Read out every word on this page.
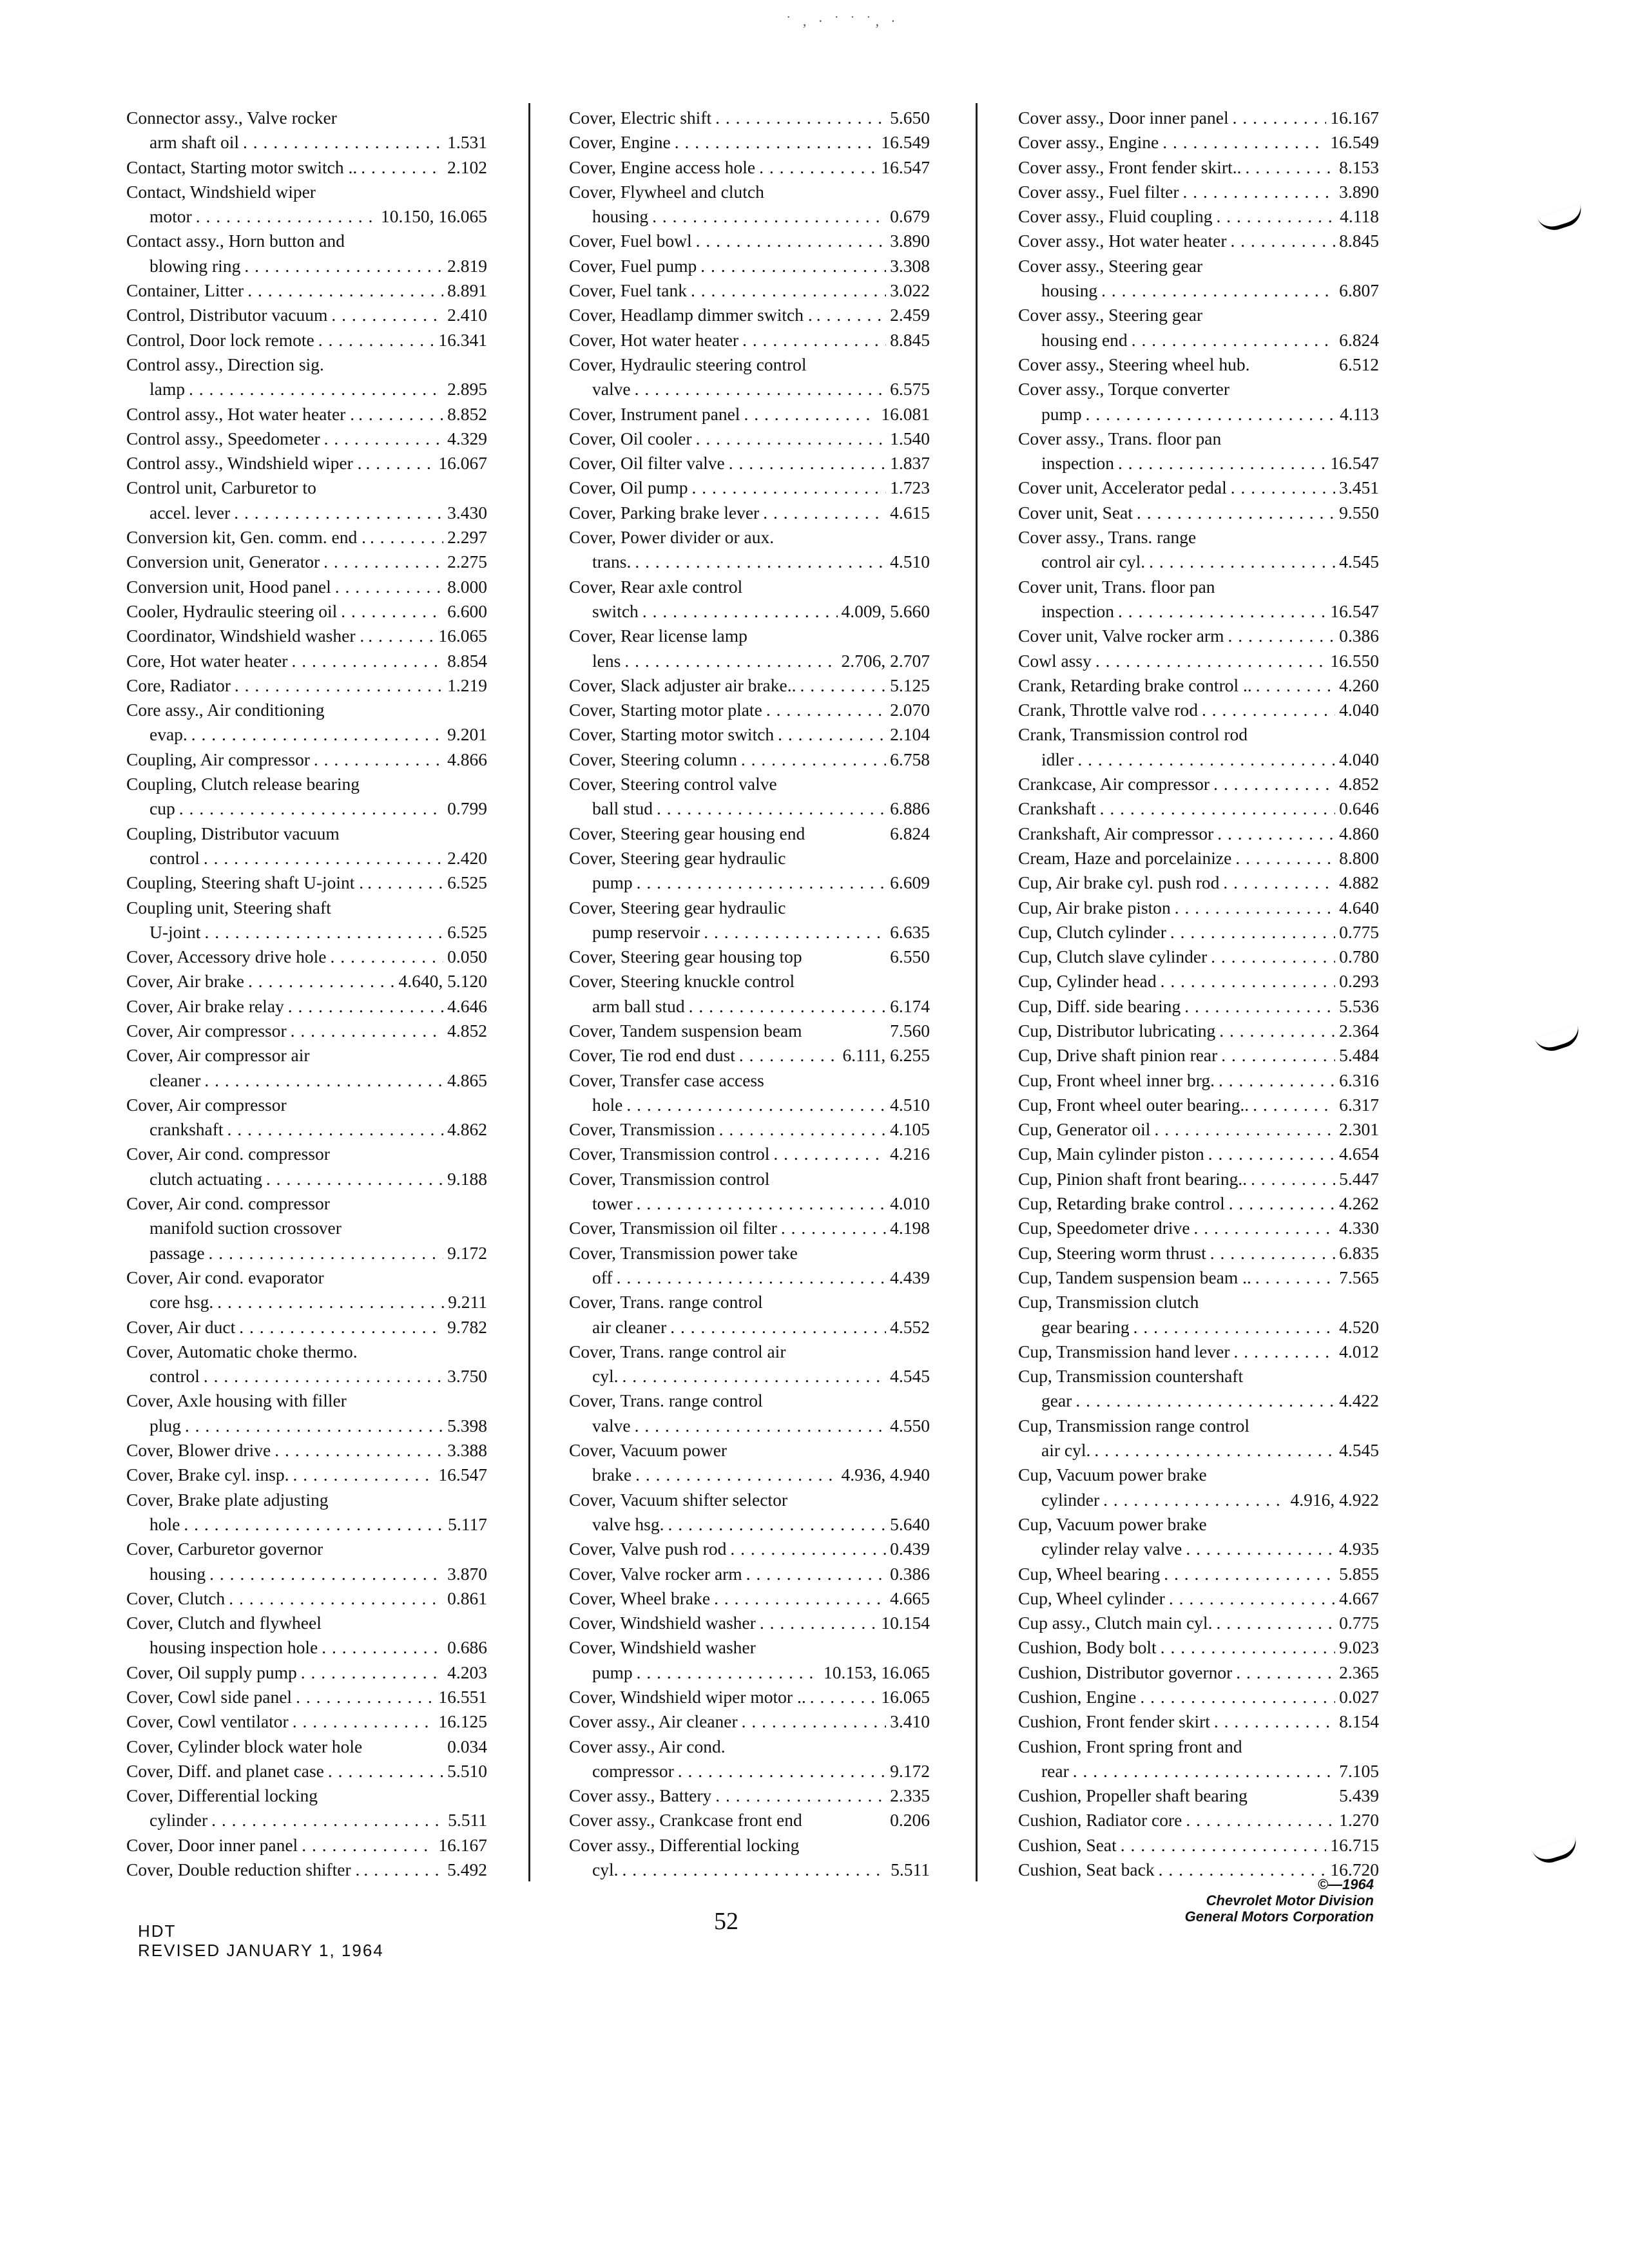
˙ ‚ · ˙ ˙ ˙‚ ·
Connector assy., Valve rocker
arm shaft oil . . .	1.531
Contact, Starting motor switch .. . . .	2.102
Contact, Windshield wiper
motor . . .	10.150, 16.065
Contact assy., Horn button and
blowing ring . . .	2.819
Container, Litter . . .	8.891
Control, Distributor vacuum . . .	2.410
Control, Door lock remote . . .	16.341
Control assy., Direction sig.
lamp . . .	2.895
Control assy., Hot water heater . . . .	8.852
Control assy., Speedometer . . .	4.329
Control assy., Windshield wiper . . . .	16.067
Control unit, Carburetor to
accel. lever . . .	3.430
Conversion kit, Gen. comm. end . . . .	2.297
Conversion unit, Generator . . .	2.275
Conversion unit, Hood panel . . .	8.000
Cooler, Hydraulic steering oil . . .	6.600
Coordinator, Windshield washer . . . .	16.065
Core, Hot water heater . . .	8.854
Core, Radiator . . .	1.219
Core assy., Air conditioning
evap. . . .	9.201
Coupling, Air compressor . . .	4.866
Coupling, Clutch release bearing
cup . . .	0.799
Coupling, Distributor vacuum
control . . .	2.420
Coupling, Steering shaft U-joint . . . .	6.525
Coupling unit, Steering shaft
U-joint . . .	6.525
Cover, Accessory drive hole . . .	0.050
Cover, Air brake . . .	4.640, 5.120
Cover, Air brake relay . . .	4.646
Cover, Air compressor . . .	4.852
Cover, Air compressor air
cleaner . . .	4.865
Cover, Air compressor
crankshaft . . .	4.862
Cover, Air cond. compressor
clutch actuating . . .	9.188
Cover, Air cond. compressor
manifold suction crossover
passage . . .	9.172
Cover, Air cond. evaporator
core hsg. . . .	9.211
Cover, Air duct . . .	9.782
Cover, Automatic choke thermo.
control . . .	3.750
Cover, Axle housing with filler
plug . . .	5.398
Cover, Blower drive . . .	3.388
Cover, Brake cyl. insp. . . .	16.547
Cover, Brake plate adjusting
hole . . .	5.117
Cover, Carburetor governor
housing . . .	3.870
Cover, Clutch . . .	0.861
Cover, Clutch and flywheel
housing inspection hole . . .	0.686
Cover, Oil supply pump . . .	4.203
Cover, Cowl side panel . . .	16.551
Cover, Cowl ventilator . . .	16.125
Cover, Cylinder block water hole	0.034
Cover, Diff. and planet case . . .	5.510
Cover, Differential locking
cylinder . . .	5.511
Cover, Door inner panel . . .	16.167
Cover, Double reduction shifter . . . .	5.492
Cover, Electric shift . . .	5.650
Cover, Engine . . .	16.549
Cover, Engine access hole . . .	16.547
Cover, Flywheel and clutch
housing . . .	0.679
Cover, Fuel bowl . . .	3.890
Cover, Fuel pump . . .	3.308
Cover, Fuel tank . . .	3.022
Cover, Headlamp dimmer switch . . . .	2.459
Cover, Hot water heater . . .	8.845
Cover, Hydraulic steering control
valve . . .	6.575
Cover, Instrument panel . . .	16.081
Cover, Oil cooler . . .	1.540
Cover, Oil filter valve . . .	1.837
Cover, Oil pump . . .	1.723
Cover, Parking brake lever . . .	4.615
Cover, Power divider or aux.
trans. . . .	4.510
Cover, Rear axle control
switch . . .	4.009, 5.660
Cover, Rear license lamp
lens . . .	2.706, 2.707
Cover, Slack adjuster air brake.. . . .	5.125
Cover, Starting motor plate . . .	2.070
Cover, Starting motor switch . . .	2.104
Cover, Steering column . . .	6.758
Cover, Steering control valve
ball stud . . .	6.886
Cover, Steering gear housing end	6.824
Cover, Steering gear hydraulic
pump . . .	6.609
Cover, Steering gear hydraulic
pump reservoir . . .	6.635
Cover, Steering gear housing top	6.550
Cover, Steering knuckle control
arm ball stud . . .	6.174
Cover, Tandem suspension beam	7.560
Cover, Tie rod end dust . . .	6.111, 6.255
Cover, Transfer case access
hole . . .	4.510
Cover, Transmission . . .	4.105
Cover, Transmission control . . .	4.216
Cover, Transmission control
tower . . .	4.010
Cover, Transmission oil filter . . .	4.198
Cover, Transmission power take
off . . .	4.439
Cover, Trans. range control
air cleaner . . .	4.552
Cover, Trans. range control air
cyl. . . .	4.545
Cover, Trans. range control
valve . . .	4.550
Cover, Vacuum power
brake . . .	4.936, 4.940
Cover, Vacuum shifter selector
valve hsg. . . .	5.640
Cover, Valve push rod . . .	0.439
Cover, Valve rocker arm . . .	0.386
Cover, Wheel brake . . .	4.665
Cover, Windshield washer . . .	10.154
Cover, Windshield washer
pump . . .	10.153, 16.065
Cover, Windshield wiper motor .. . . .	16.065
Cover assy., Air cleaner . . .	3.410
Cover assy., Air cond.
compressor . . .	9.172
Cover assy., Battery . . .	2.335
Cover assy., Crankcase front end	0.206
Cover assy., Differential locking
cyl. . . .	5.511
Cover assy., Door inner panel . . .	16.167
Cover assy., Engine . . .	16.549
Cover assy., Front fender skirt.. . . .	8.153
Cover assy., Fuel filter . . .	3.890
Cover assy., Fluid coupling . . .	4.118
Cover assy., Hot water heater . . .	8.845
Cover assy., Steering gear
housing . . .	6.807
Cover assy., Steering gear
housing end . . .	6.824
Cover assy., Steering wheel hub.	6.512
Cover assy., Torque converter
pump . . .	4.113
Cover assy., Trans. floor pan
inspection . . .	16.547
Cover unit, Accelerator pedal . . .	3.451
Cover unit, Seat . . .	9.550
Cover assy., Trans. range
control air cyl. . . .	4.545
Cover unit, Trans. floor pan
inspection . . .	16.547
Cover unit, Valve rocker arm . . .	0.386
Cowl assy . . .	16.550
Crank, Retarding brake control .. . . .	4.260
Crank, Throttle valve rod . . .	4.040
Crank, Transmission control rod
idler . . .	4.040
Crankcase, Air compressor . . .	4.852
Crankshaft . . .	0.646
Crankshaft, Air compressor . . .	4.860
Cream, Haze and porcelainize . . .	8.800
Cup, Air brake cyl. push rod . . .	4.882
Cup, Air brake piston . . .	4.640
Cup, Clutch cylinder . . .	0.775
Cup, Clutch slave cylinder . . .	0.780
Cup, Cylinder head . . .	0.293
Cup, Diff. side bearing . . .	5.536
Cup, Distributor lubricating . . .	2.364
Cup, Drive shaft pinion rear . . .	5.484
Cup, Front wheel inner brg. . . .	6.316
Cup, Front wheel outer bearing.. . . .	6.317
Cup, Generator oil . . .	2.301
Cup, Main cylinder piston . . .	4.654
Cup, Pinion shaft front bearing.. . . .	5.447
Cup, Retarding brake control . . .	4.262
Cup, Speedometer drive . . .	4.330
Cup, Steering worm thrust . . .	6.835
Cup, Tandem suspension beam .. . . .	7.565
Cup, Transmission clutch
gear bearing . . .	4.520
Cup, Transmission hand lever . . .	4.012
Cup, Transmission countershaft
gear . . .	4.422
Cup, Transmission range control
air cyl. . . .	4.545
Cup, Vacuum power brake
cylinder . . .	4.916, 4.922
Cup, Vacuum power brake
cylinder relay valve . . .	4.935
Cup, Wheel bearing . . .	5.855
Cup, Wheel cylinder . . .	4.667
Cup assy., Clutch main cyl. . . .	0.775
Cushion, Body bolt . . .	9.023
Cushion, Distributor governor . . .	2.365
Cushion, Engine . . .	0.027
Cushion, Front fender skirt . . .	8.154
Cushion, Front spring front and
rear . . .	7.105
Cushion, Propeller shaft bearing	5.439
Cushion, Radiator core . . .	1.270
Cushion, Seat . . .	16.715
Cushion, Seat back . . .	16.720
HDT
REVISED JANUARY 1, 1964
52
©—1964
Chevrolet Motor Division
General Motors Corporation
